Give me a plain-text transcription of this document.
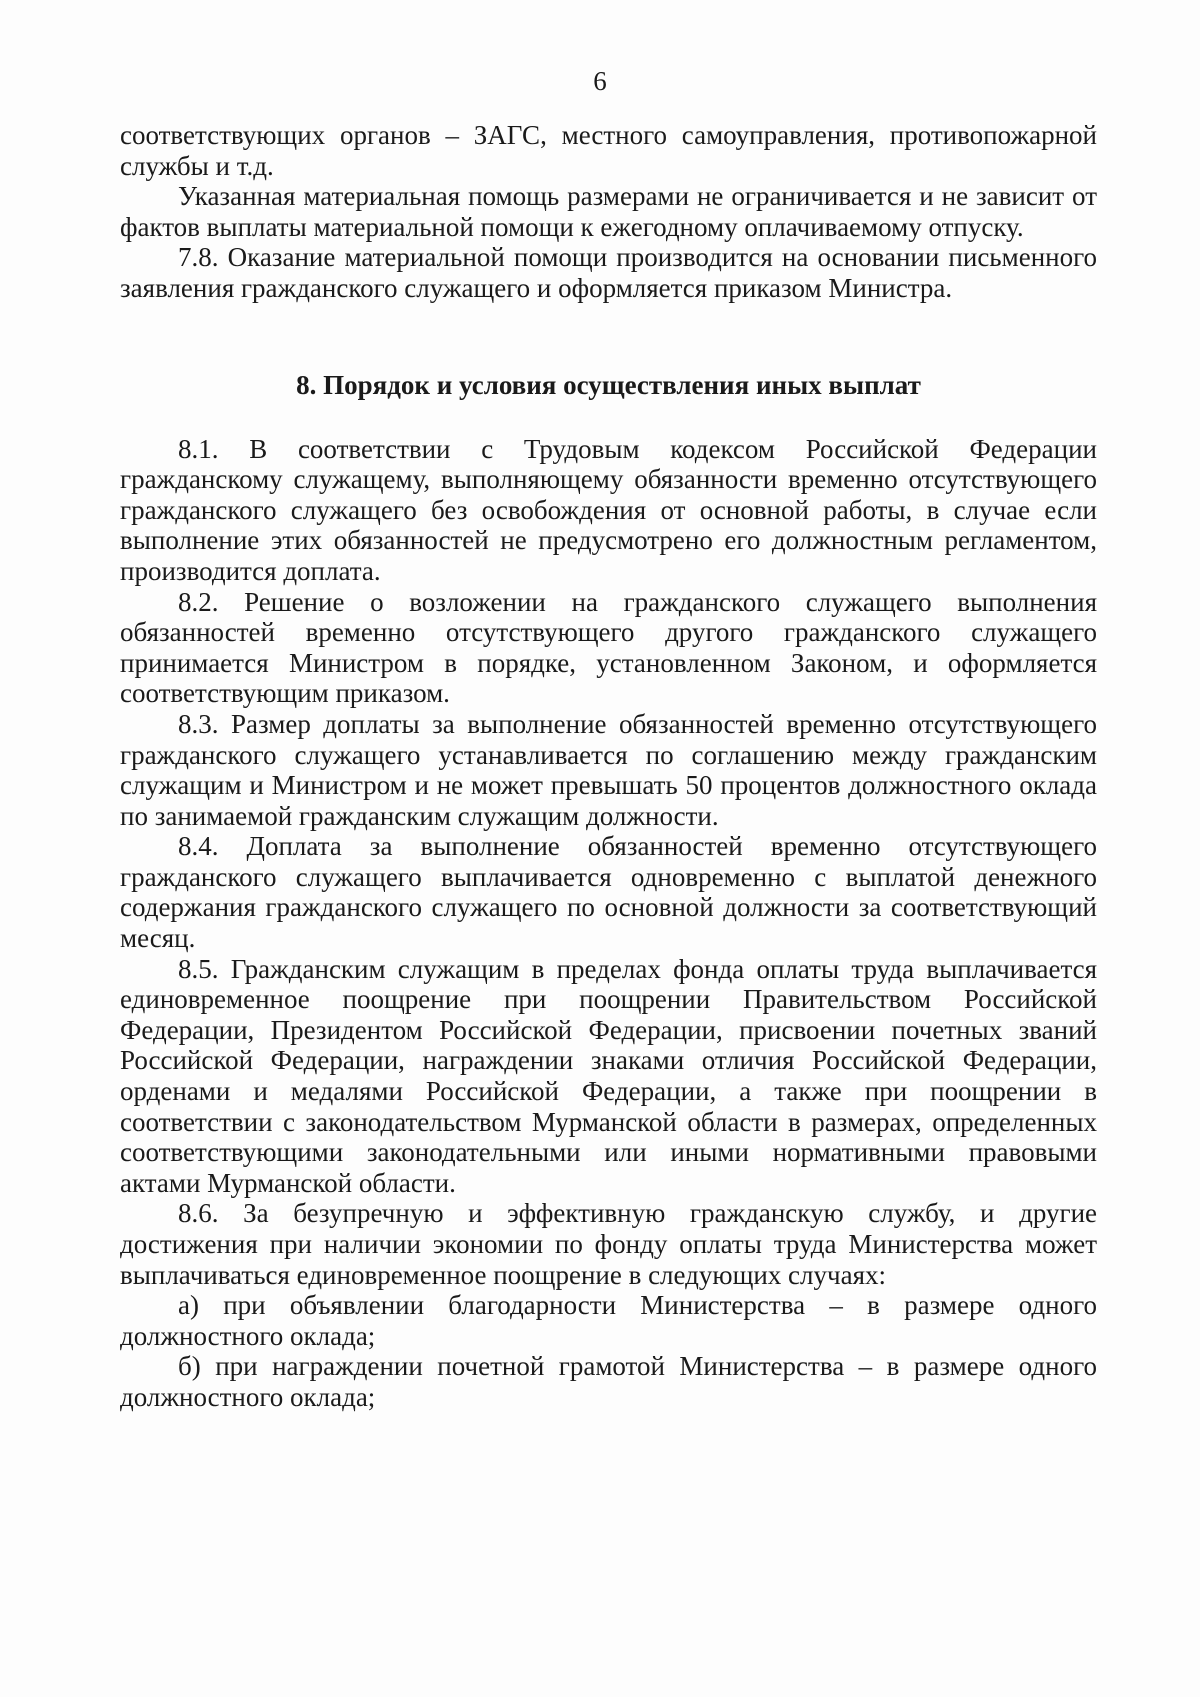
6

соответствующих органов – ЗАГС, местного самоуправления, противопожарной службы и т.д.

Указанная материальная помощь размерами не ограничивается и не зависит от фактов выплаты материальной помощи к ежегодному оплачиваемому отпуску.

7.8. Оказание материальной помощи производится на основании письменного заявления гражданского служащего и оформляется приказом Министра.

8. Порядок и условия осуществления иных выплат

8.1. В соответствии с Трудовым кодексом Российской Федерации гражданскому служащему, выполняющему обязанности временно отсутствующего гражданского служащего без освобождения от основной работы, в случае если выполнение этих обязанностей не предусмотрено его должностным регламентом, производится доплата.

8.2. Решение о возложении на гражданского служащего выполнения обязанностей временно отсутствующего другого гражданского служащего принимается Министром в порядке, установленном Законом, и оформляется соответствующим приказом.

8.3. Размер доплаты за выполнение обязанностей временно отсутствующего гражданского служащего устанавливается по соглашению между гражданским служащим и Министром и не может превышать 50 процентов должностного оклада по занимаемой гражданским служащим должности.

8.4. Доплата за выполнение обязанностей временно отсутствующего гражданского служащего выплачивается одновременно с выплатой денежного содержания гражданского служащего по основной должности за соответствующий месяц.

8.5. Гражданским служащим в пределах фонда оплаты труда выплачивается единовременное поощрение при поощрении Правительством Российской Федерации, Президентом Российской Федерации, присвоении почетных званий Российской Федерации, награждении знаками отличия Российской Федерации, орденами и медалями Российской Федерации, а также при поощрении в соответствии с законодательством Мурманской области в размерах, определенных соответствующими законодательными или иными нормативными правовыми актами Мурманской области.

8.6. За безупречную и эффективную гражданскую службу, и другие достижения при наличии экономии по фонду оплаты труда Министерства может выплачиваться единовременное поощрение в следующих случаях:

а) при объявлении благодарности Министерства – в размере одного должностного оклада;

б) при награждении почетной грамотой Министерства – в размере одного должностного оклада;
